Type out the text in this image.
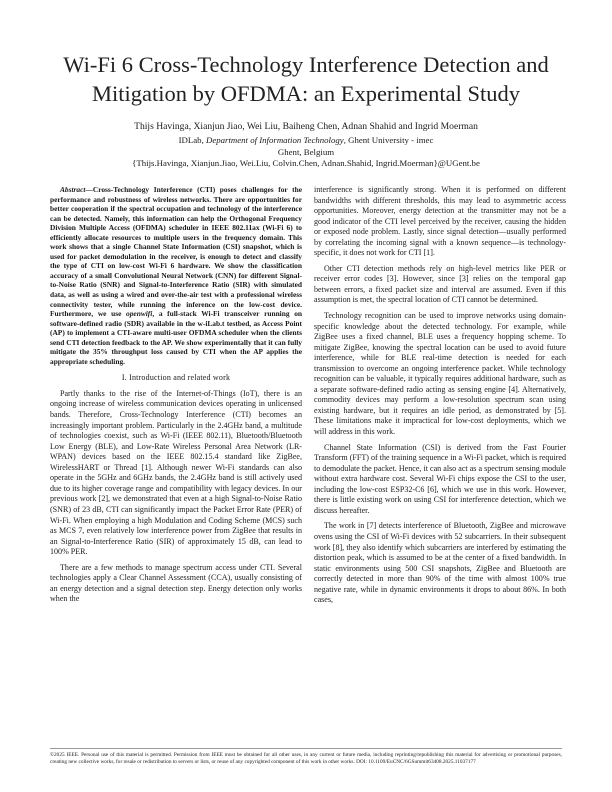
Wi-Fi 6 Cross-Technology Interference Detection and Mitigation by OFDMA: an Experimental Study
Thijs Havinga, Xianjun Jiao, Wei Liu, Baiheng Chen, Adnan Shahid and Ingrid Moerman
IDLab, Department of Information Technology, Ghent University - imec
Ghent, Belgium
{Thijs.Havinga, Xianjun.Jiao, Wei.Liu, Colvin.Chen, Adnan.Shahid, Ingrid.Moerman}@UGent.be

Abstract—Cross-Technology Interference (CTI) poses challenges for the performance and robustness of wireless networks. There are opportunities for better cooperation if the spectral occupation and technology of the interference can be detected. Namely, this information can help the Orthogonal Frequency Division Multiple Access (OFDMA) scheduler in IEEE 802.11ax (Wi-Fi 6) to efficiently allocate resources to multiple users in the frequency domain. This work shows that a single Channel State Information (CSI) snapshot, which is used for packet demodulation in the receiver, is enough to detect and classify the type of CTI on low-cost Wi-Fi 6 hardware. We show the classification accuracy of a small Convolutional Neural Network (CNN) for different Signal-to-Noise Ratio (SNR) and Signal-to-Interference Ratio (SIR) with simulated data, as well as using a wired and over-the-air test with a professional wireless connectivity tester, while running the inference on the low-cost device. Furthermore, we use openwifi, a full-stack Wi-Fi transceiver running on software-defined radio (SDR) available in the w-iLab.t testbed, as Access Point (AP) to implement a CTI-aware multi-user OFDMA scheduler when the clients send CTI detection feedback to the AP. We show experimentally that it can fully mitigate the 35% throughput loss caused by CTI when the AP applies the appropriate scheduling.

I. Introduction and related work

Partly thanks to the rise of the Internet-of-Things (IoT), there is an ongoing increase of wireless communication devices operating in unlicensed bands. Therefore, Cross-Technology Interference (CTI) becomes an increasingly important problem. Particularly in the 2.4GHz band, a multitude of technologies coexist, such as Wi-Fi (IEEE 802.11), Bluetooth/Bluetooth Low Energy (BLE), and Low-Rate Wireless Personal Area Network (LR-WPAN) devices based on the IEEE 802.15.4 standard like ZigBee, WirelessHART or Thread [1]. Although newer Wi-Fi standards can also operate in the 5GHz and 6GHz bands, the 2.4GHz band is still actively used due to its higher coverage range and compatibility with legacy devices. In our previous work [2], we demonstrated that even at a high Signal-to-Noise Ratio (SNR) of 23 dB, CTI can significantly impact the Packet Error Rate (PER) of Wi-Fi. When employing a high Modulation and Coding Scheme (MCS) such as MCS 7, even relatively low interference power from ZigBee that results in an Signal-to-Interference Ratio (SIR) of approximately 15 dB, can lead to 100% PER.

There are a few methods to manage spectrum access under CTI. Several technologies apply a Clear Channel Assessment (CCA), usually consisting of an energy detection and a signal detection step. Energy detection only works when the

interference is significantly strong. When it is performed on different bandwidths with different thresholds, this may lead to asymmetric access opportunities. Moreover, energy detection at the transmitter may not be a good indicator of the CTI level perceived by the receiver, causing the hidden or exposed node problem. Lastly, since signal detection—usually performed by correlating the incoming signal with a known sequence—is technology-specific, it does not work for CTI [1].

Other CTI detection methods rely on high-level metrics like PER or receiver error codes [3]. However, since [3] relies on the temporal gap between errors, a fixed packet size and interval are assumed. Even if this assumption is met, the spectral location of CTI cannot be determined.

Technology recognition can be used to improve networks using domain-specific knowledge about the detected technology. For example, while ZigBee uses a fixed channel, BLE uses a frequency hopping scheme. To mitigate ZigBee, knowing the spectral location can be used to avoid future interference, while for BLE real-time detection is needed for each transmission to overcome an ongoing interference packet. While technology recognition can be valuable, it typically requires additional hardware, such as a separate software-defined radio acting as sensing engine [4]. Alternatively, commodity devices may perform a low-resolution spectrum scan using existing hardware, but it requires an idle period, as demonstrated by [5]. These limitations make it impractical for low-cost deployments, which we will address in this work.

Channel State Information (CSI) is derived from the Fast Fourier Transform (FFT) of the training sequence in a Wi-Fi packet, which is required to demodulate the packet. Hence, it can also act as a spectrum sensing module without extra hardware cost. Several Wi-Fi chips expose the CSI to the user, including the low-cost ESP32-C6 [6], which we use in this work. However, there is little existing work on using CSI for interference detection, which we discuss hereafter.

The work in [7] detects interference of Bluetooth, ZigBee and microwave ovens using the CSI of Wi-Fi devices with 52 subcarriers. In their subsequent work [8], they also identify which subcarriers are interfered by estimating the distortion peak, which is assumed to be at the center of a fixed bandwidth. In static environments using 500 CSI snapshots, ZigBee and Bluetooth are correctly detected in more than 90% of the time with almost 100% true negative rate, while in dynamic environments it drops to about 86%. In both cases,

©2025 IEEE. Personal use of this material is permitted. Permission from IEEE must be obtained for all other uses, in any current or future media, including reprinting/republishing this material for advertising or promotional purposes, creating new collective works, for resale or redistribution to servers or lists, or reuse of any copyrighted component of this work in other works. DOI: 10.1109/EuCNC/6GSummit63408.2025.11037177
